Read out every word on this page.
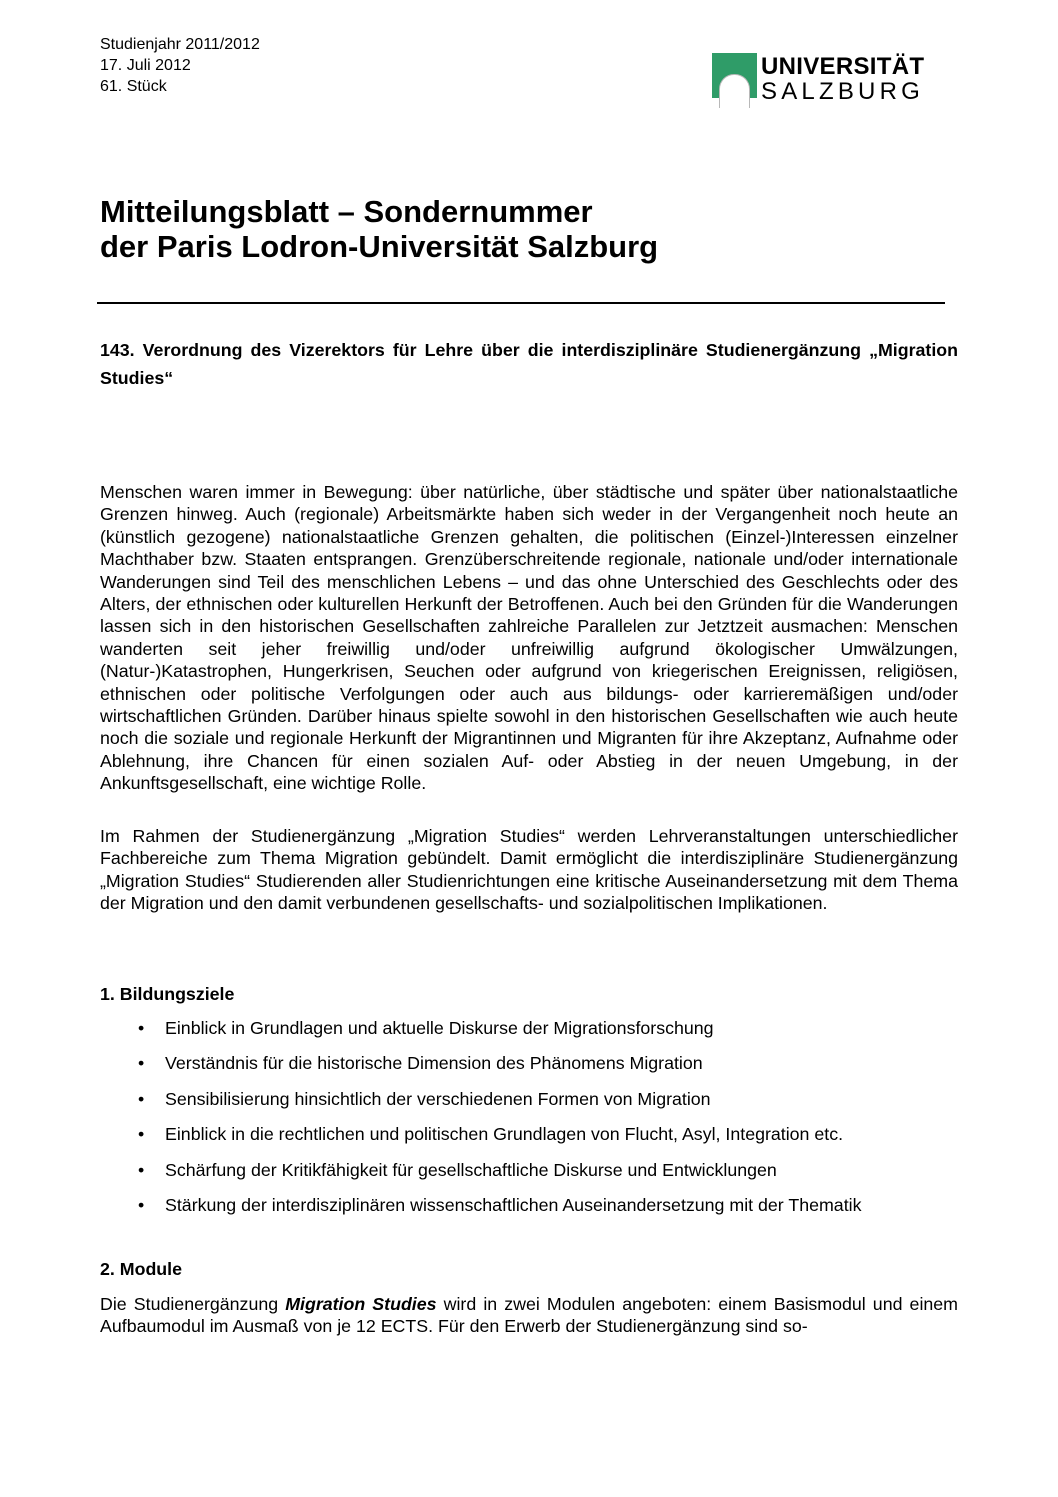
Studienjahr 2011/2012
17. Juli 2012
61. Stück
UNIVERSITÄT
SALZBURG
Mitteilungsblatt – Sondernummer
der Paris Lodron-Universität Salzburg
143. Verordnung des Vizerektors für Lehre über die interdisziplinäre Studienergänzung „Migration Studies“

Menschen waren immer in Bewegung: über natürliche, über städtische und später über nationalstaatliche Grenzen hinweg. Auch (regionale) Arbeitsmärkte haben sich weder in der Vergangenheit noch heute an (künstlich gezogene) nationalstaatliche Grenzen gehalten, die politischen (Einzel-)Interessen einzelner Machthaber bzw. Staaten entsprangen. Grenzüberschreitende regionale, nationale und/oder internationale Wanderungen sind Teil des menschlichen Lebens – und das ohne Unterschied des Geschlechts oder des Alters, der ethnischen oder kulturellen Herkunft der Betroffenen. Auch bei den Gründen für die Wanderungen lassen sich in den historischen Gesellschaften zahlreiche Parallelen zur Jetztzeit ausmachen: Menschen wanderten seit jeher freiwillig und/oder unfreiwillig aufgrund ökologischer Umwälzungen, (Natur-)Katastrophen, Hungerkrisen, Seuchen oder aufgrund von kriegerischen Ereignissen, religiösen, ethnischen oder politische Verfolgungen oder auch aus bildungs- oder karrieremäßigen und/oder wirtschaftlichen Gründen. Darüber hinaus spielte sowohl in den historischen Gesellschaften wie auch heute noch die soziale und regionale Herkunft der Migrantinnen und Migranten für ihre Akzeptanz, Aufnahme oder Ablehnung, ihre Chancen für einen sozialen Auf- oder Abstieg in der neuen Umgebung, in der Ankunftsgesellschaft, eine wichtige Rolle.

Im Rahmen der Studienergänzung „Migration Studies“ werden Lehrveranstaltungen unterschiedlicher Fachbereiche zum Thema Migration gebündelt. Damit ermöglicht die interdisziplinäre Studienergänzung „Migration Studies“ Studierenden aller Studienrichtungen eine kritische Auseinandersetzung mit dem Thema der Migration und den damit verbundenen gesellschafts- und sozialpolitischen Implikationen.

1. Bildungsziele
• Einblick in Grundlagen und aktuelle Diskurse der Migrationsforschung
• Verständnis für die historische Dimension des Phänomens Migration
• Sensibilisierung hinsichtlich der verschiedenen Formen von Migration
• Einblick in die rechtlichen und politischen Grundlagen von Flucht, Asyl, Integration etc.
• Schärfung der Kritikfähigkeit für gesellschaftliche Diskurse und Entwicklungen
• Stärkung der interdisziplinären wissenschaftlichen Auseinandersetzung mit der Thematik
2. Module

Die Studienergänzung Migration Studies wird in zwei Modulen angeboten: einem Basismodul und einem Aufbaumodul im Ausmaß von je 12 ECTS. Für den Erwerb der Studienergänzung sind so-
